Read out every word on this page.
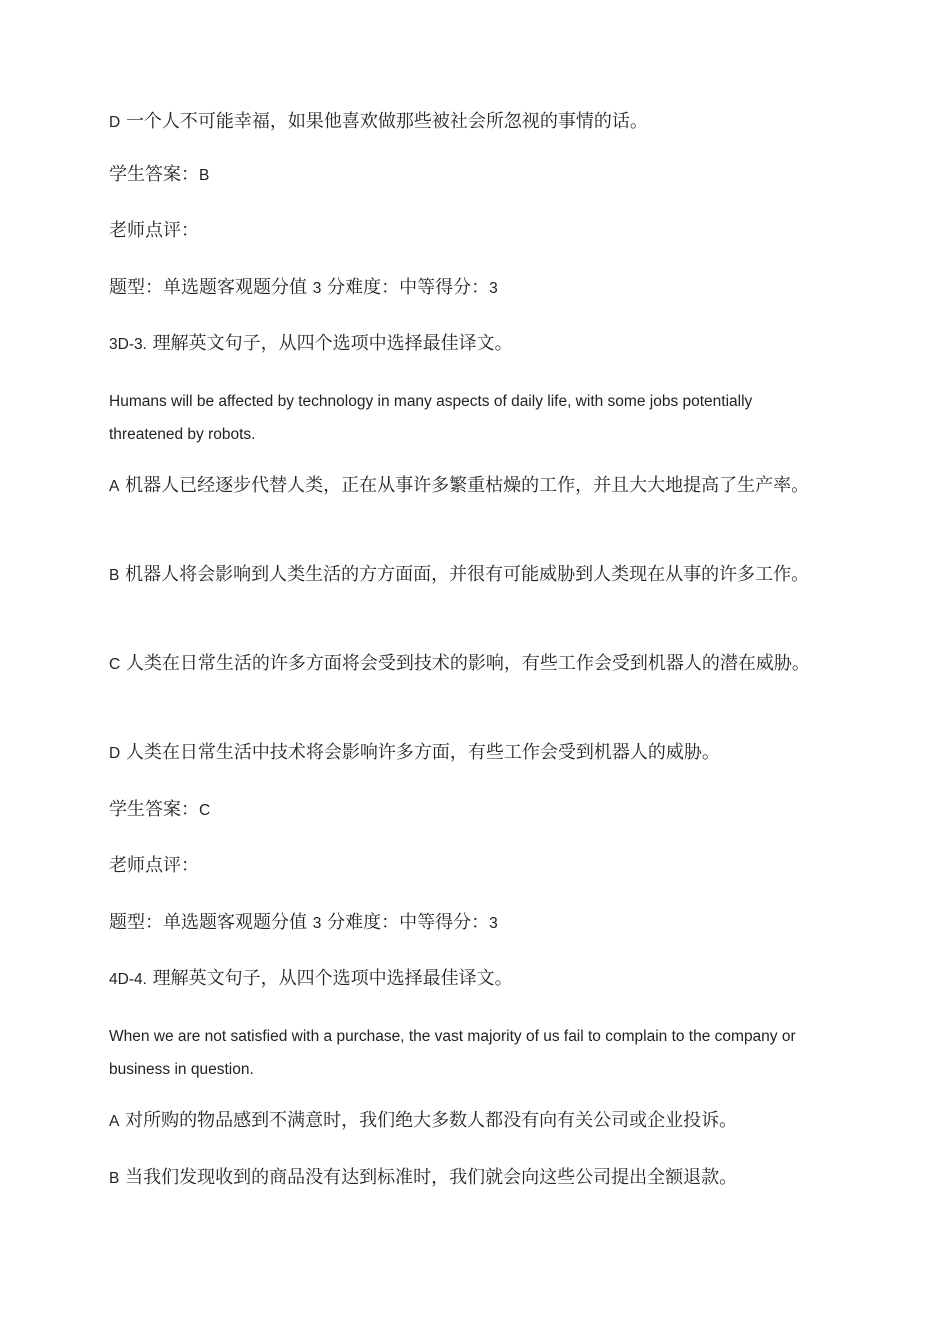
D 一个人不可能幸福，如果他喜欢做那些被社会所忽视的事情的话。
学生答案：B
老师点评：
题型：单选题客观题分值 3 分难度：中等得分：3
3D-3. 理解英文句子，从四个选项中选择最佳译文。
Humans will be affected by technology in many aspects of daily life, with some jobs potentially threatened by robots.
A 机器人已经逐步代替人类，正在从事许多繁重枯燥的工作，并且大大地提高了生产率。
B 机器人将会影响到人类生活的方方面面，并很有可能威胁到人类现在从事的许多工作。
C 人类在日常生活的许多方面将会受到技术的影响，有些工作会受到机器人的潜在威胁。
D 人类在日常生活中技术将会影响许多方面，有些工作会受到机器人的威胁。
学生答案：C
老师点评：
题型：单选题客观题分值 3 分难度：中等得分：3
4D-4. 理解英文句子，从四个选项中选择最佳译文。
When we are not satisfied with a purchase, the vast majority of us fail to complain to the company or business in question.
A 对所购的物品感到不满意时，我们绝大多数人都没有向有关公司或企业投诉。
B 当我们发现收到的商品没有达到标准时，我们就会向这些公司提出全额退款。
